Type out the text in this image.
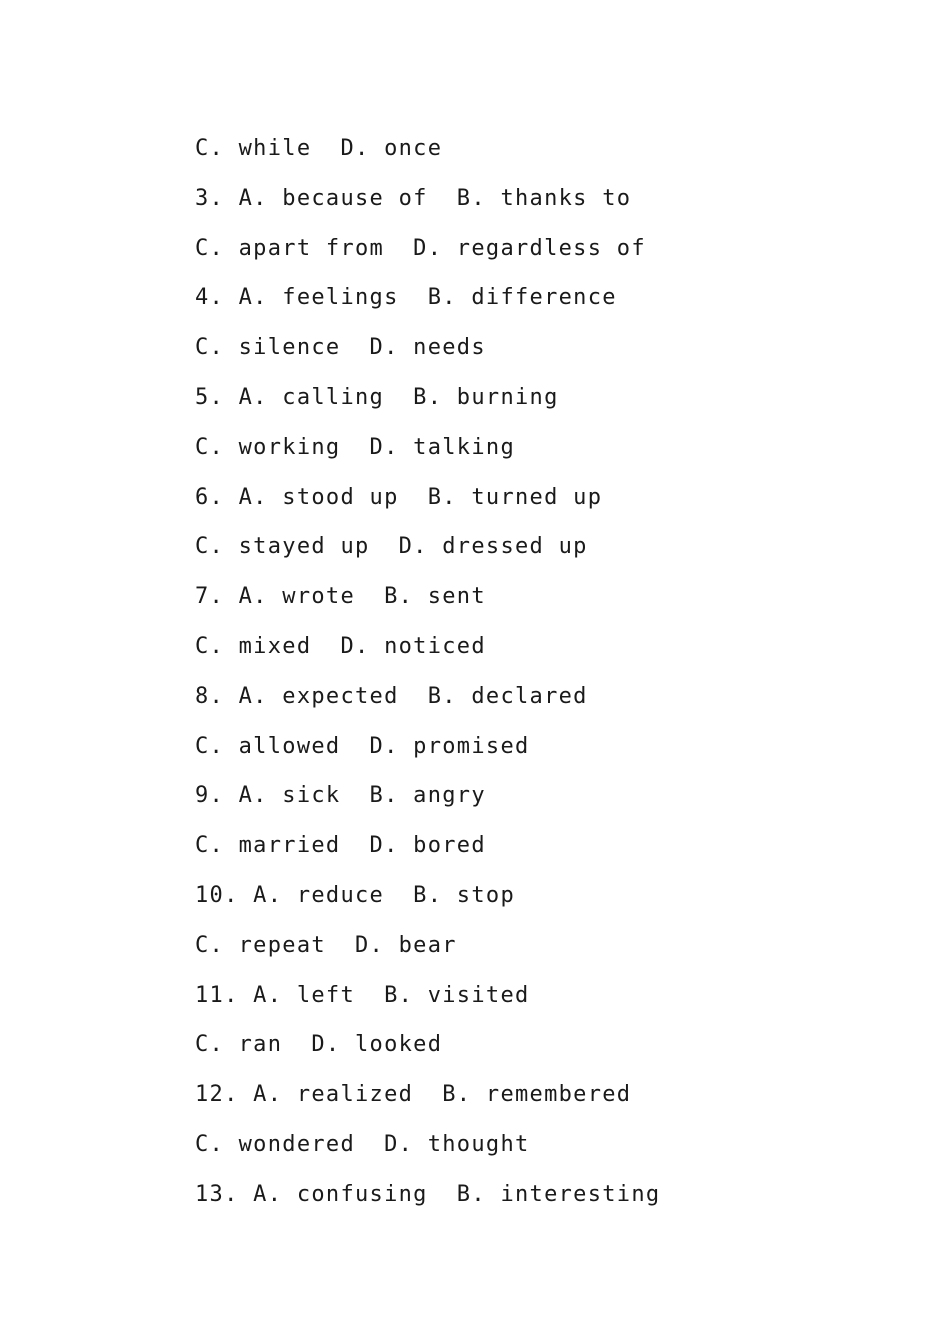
C. while  D. once
3. A. because of  B. thanks to
C. apart from  D. regardless of
4. A. feelings  B. difference
C. silence  D. needs
5. A. calling  B. burning
C. working  D. talking
6. A. stood up  B. turned up
C. stayed up  D. dressed up
7. A. wrote  B. sent
C. mixed  D. noticed
8. A. expected  B. declared
C. allowed  D. promised
9. A. sick  B. angry
C. married  D. bored
10. A. reduce  B. stop
C. repeat  D. bear
11. A. left  B. visited
C. ran  D. looked
12. A. realized  B. remembered
C. wondered  D. thought
13. A. confusing  B. interesting
